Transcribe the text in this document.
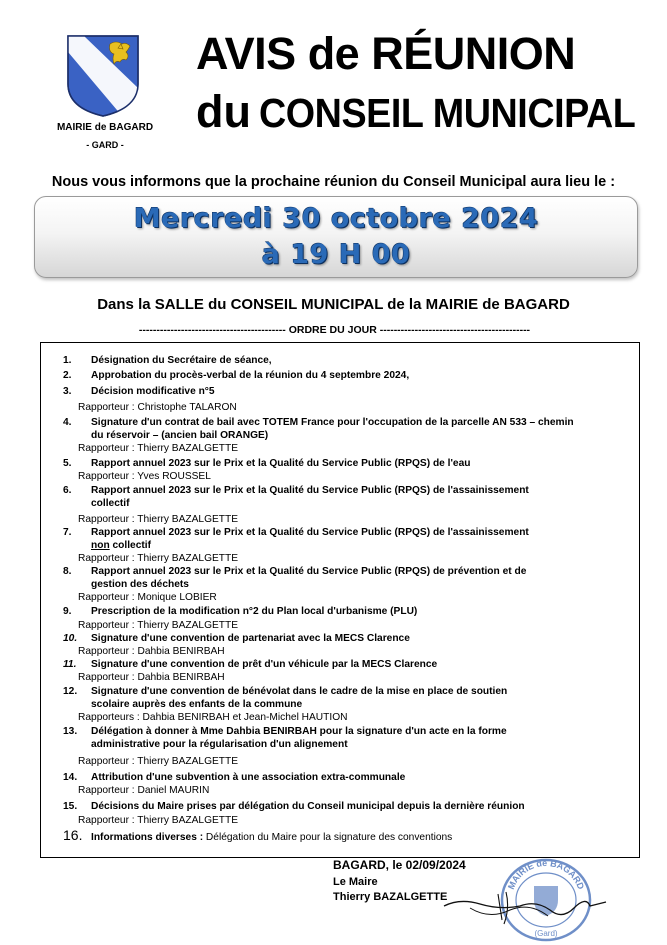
MAIRIE de BAGARD
- GARD -
AVIS de RÉUNION
du CONSEIL MUNICIPAL
Nous vous informons que la prochaine réunion du Conseil Municipal aura lieu le :
Mercredi 30 octobre 2024
à 19 H 00
Dans la SALLE du CONSEIL MUNICIPAL de la MAIRIE de BAGARD
------------------------------------------ ORDRE DU JOUR -------------------------------------------
1.	Désignation du Secrétaire de séance,
2.	Approbation du procès-verbal de la réunion du 4 septembre 2024,
3.	Décision modificative n°5
Rapporteur : Christophe TALARON
4.	Signature d'un contrat de bail avec TOTEM France pour l'occupation de la parcelle AN 533 – chemin
du réservoir – (ancien bail ORANGE)
Rapporteur : Thierry BAZALGETTE
5.	Rapport annuel 2023 sur le Prix et la Qualité du Service Public (RPQS) de l'eau
Rapporteur : Yves ROUSSEL
6.	Rapport annuel 2023 sur le Prix et la Qualité du Service Public (RPQS) de l'assainissement
collectif
Rapporteur : Thierry BAZALGETTE
7.	Rapport annuel 2023 sur le Prix et la Qualité du Service Public (RPQS) de l'assainissement
non collectif
Rapporteur : Thierry BAZALGETTE
8.	Rapport annuel 2023 sur le Prix et la Qualité du Service Public (RPQS) de prévention et de
gestion des déchets
Rapporteur : Monique LOBIER
9.	Prescription de la modification n°2 du Plan local d'urbanisme (PLU)
Rapporteur : Thierry BAZALGETTE
10.	Signature d'une convention de partenariat avec la MECS Clarence
Rapporteur : Dahbia BENIRBAH
11.	Signature d'une convention de prêt d'un véhicule par la MECS Clarence
Rapporteur : Dahbia BENIRBAH
12.	Signature d'une convention de bénévolat dans le cadre de la mise en place de soutien
scolaire auprès des enfants de la commune
Rapporteurs : Dahbia BENIRBAH et Jean-Michel HAUTION
13.	Délégation à donner à Mme Dahbia BENIRBAH pour la signature d'un acte en la forme
administrative pour la régularisation d'un alignement
Rapporteur : Thierry BAZALGETTE
14.	Attribution d'une subvention à une association extra-communale
Rapporteur : Daniel MAURIN
15.	Décisions du Maire prises par délégation du Conseil municipal depuis la dernière réunion
Rapporteur : Thierry BAZALGETTE
16. Informations diverses : Délégation du Maire pour la signature des conventions
BAGARD, le 02/09/2024
Le Maire
Thierry BAZALGETTE
MAIRIE de BAGARD
(Gard)
